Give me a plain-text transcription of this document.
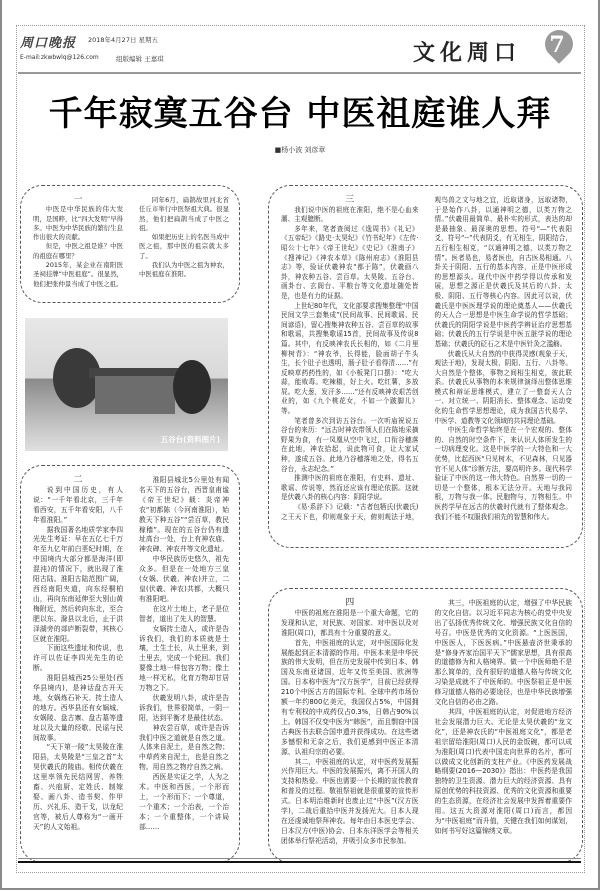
周口晚报 2018年4月27日 星期五
E-mail:zkwbwlq@126.com	组版编辑 王嘉琪	文化周口 7
千年寂寞五谷台 中医祖庭谁人拜
■杨小波 刘彦章

一

中医是中华民族的伟大发明，是国粹，比“四大发明”早得多。中医为中华民族的繁衍生息作出很大的贡献。

但是，中医之祖是谁？中医的祖庭在哪里？

2015年，某企业在南阳医圣祠挂牌“中医祖庭”。很显然，他们把张仲景当成了中医之祖。

同年6月，扁鹊故里河北省任丘市举行中医祭祖大典。很显然，他们把扁鹊当成了中医之祖。

如果把历史上的名医当成中医之祖，那中医的祖宗就太多了。

我们认为中医之祖为神农，中医祖庭在淮阳。

五谷台(资料图片)

二

说到中国历史，有人说：“一千年看北京，三千年看西安，五千年看安阳，八千年看淮阳。”

据我国著名地质学家李四光先生考证：早在五亿七千万年至九亿年前白垩纪时期，在中国境内大部分都是海洋(即混沌)的情况下，就出现了淮阳古陆。淮阳古陆范围广阔，西经南阳夹道，向东经桐柏山，再向东南延伸至大别山黄梅附近，然后转向东北，至合肥以东、滁县以北后，止于洪泽湖旁的郯庐断裂带，其核心区就在淮阳。

下面这些遗址和传说，也许可以佐证李四光先生的论断。

淮阳县城西25公里处(西华县境内)，是神话盘古开天地，女娲炼石补天、抟土造人的地方。西华县还有女娲城、女娲陵、盘古寨、盘古墓等遗址以及大量的经歌、民谣与民间故事。

“天下第一陵”太昊陵在淮阳县，太昊陵是“三皇之首”太昊伏羲氏的陵庙。相传伏羲在这里率领先民结网罟、养牲畜、兴庖厨、定姓氏、制嫁娶、画八卦、造书契、作甲历、兴礼乐、造干戈，以龙纪官等，被后人尊称为“一画开天”的人文始祖。

淮阳县城北5公里处有闻名天下的五谷台，西晋皇甫谧《帝王世纪》载：炎帝神农“初都陈（今河南淮阳），始教天下种五谷”“尝百草，教民稼穑”。现在的五谷台仍有遗址高台一处，台上有神农庙、神农碑、神农井等文化遗址。

中华民族历史悠久，祖先众多。但是在一处地方三皇(女娲、伏羲、神农)并立，二皇(伏羲、神农)共都，大概只有淮阳吧。

在这片土地上，老子是位智者，道出了先人的智慧。

女娲抟土造人，或许是告诉我们，我们的本质就是土壤，土生土长，从土里来，到土里去，完成一个轮回。我们要像土地一样包容万物；像土地一样无私，化育万物却甘居万物之下。

伏羲发明八卦，或许是告诉我们，世界很简单，一阴一阳，达到平衡才是最佳状态。

神农尝百草，或许是告诉我们中医之道就是自然之道。人体来自泥土，是自然之物；中草药来自泥土，也是自然之物。用自然之物疗自然之病。

西医是实证之学，人为之术。中医和西医，一个形而上，一个形而下；一个尊道，一个重术；一个治表，一个治本；一个重整体，一个讲局部……

三

我们说中医的祖庭在淮阳，绝不是心血来潮、主观臆断。

多年来，笔者查阅过《逸周书》《礼记》《五帝纪》《路史·太昊纪》《竹书纪年》《左传·昭公十七年》《帝王世纪》《史记》《淮南子》《搜神记》《神农本草》《陈州府志》《淮阳县志》等，验证伏羲神农“都于陈”，伏羲画八卦，神农种五谷、尝百草。太昊陵、五谷台、画卦台、玄阁台、平粮台等文化遗址随处皆是，也是有力的证据。

上世纪80年代，文化部要求搜集整理“中国民间文学三套集成”(民间故事、民间歌谣、民间谚语)，留心搜集神农种五谷、尝百草的故事和歌谣，共搜集歌谣15首，民间故事及传说8篇。其中，有反映神农氏长相的，如《二月里柳树青》：“神农爷，长得能，脸面胡子牛头生，长个肚子也透明，肠子肚子看得清……”有反映草药药性的，如《小板凳门口摆》：“吃大蒜，能败毒。吃辣椒，好上火。吃红薯，多放屁。吃大葱，发汗多……”还有反映神农艰苦创业的，如《九个桃花女，不如一个跛脚儿》等。

笔者曾多次到访五谷台。一次听庙祝说五谷台的来历：“远古时神农带领人们在陈地采摘野果为食，有一凤凰从空中飞过，口衔谷穗落在此地，神农拾起，说此物可食，让大家试种，遂成五谷。此地乃谷穗落地之处，得名五谷台，永志纪念。”

推测中医的祖庭在淮阳，有史料、遗址、歌谣、传说等，然而还应该有理论依据。这就是伏羲八卦的核心内容：阴阳学说。

《易·系辞下》记载：“古者包牺氏(伏羲氏)之王天下也，仰则观象于天，俯则观法于地，观鸟兽之文与地之宜，近取诸身，远取诸物，于是始作八卦，以通神明之德，以类万物之情。”伏羲用最简单、最朴实的形式，表达的却是最抽象、最深奥的思想。符号“—”代表阳爻，符号“--”代表阴爻，有无相生，阴阳结合，五行相生相克，“以通神明之德，以类万物之情”。医者易也，易者医也，自古医易相通。八卦关于阴阳、五行的基本内容，正是中医形成的思想源头。现代中医中药学得以传承和发展，思想之源正是伏羲氏及其后的八卦、太极、阴阳、五行等核心内容。因此可以说，伏羲氏是中医医理学说的理论奠基人——伏羲氏的天人合一思想是中医生命学说的哲学基础；伏羲氏的阴阳学说是中医药学辨证治疗思想基础；伏羲氏的五行学说是中医五脏学说的理论基础；伏羲氏的砭石之术是中医针灸之滥觞。

伏羲氏从大自然的中获得灵感(观象于天，观法于地)，发现太极、阴阳、五行、八卦等。大自然是个整体，事物之间相生相克，彼此联系。伏羲氏从事物的本来规律演绎出整体思维模式和辩证思维模式，建立了一整套天人合一、对立统一、阴阳消长、整体观念、运动变化的生命哲学思想理论，成为我国古代易学、中医学、道教等文化领域的共同理论基础。

中医生命哲学始终是在一个宏观的、整体的、自然的时空条件下，来认识人体所发生的一切病理变化。这是中医学的一大特色和一大优势，比起西医“只见树木，不见森林，只见器官不见人体”诊断方法，要高明许多。现代科学验证了中医的这一伟大特色。自然界一切的一切是一个整体，根本无法分开。天地与我同根，万物与我一体。民胞物与，万物相生。中医药学早在远古的伏羲时代就有了整体观念。我们不能不叹服我们祖先的智慧和伟大。

四

中医的祖庭在淮阳是一个重大命题，它的发现和认定，对民族、对国家、对中医以及对淮阳(周口)，都具有十分重要的意义。

首先，中医祖庭的认定，对中医国际化发展能起到正本清源的作用。中医本来是中华民族的伟大发明，但在历史发展中传到日本、韩国及东南亚诸国，近年又传至美国、欧洲等国。日本称中医为“汉方医学”，目前已经获得210个中医古方的国际专利。全球中药市场份额一年约800亿美元，我国仅占5%，中国拥有专利权的中成药仅占0.3%，日韩占90%以上。韩国不仅变中医为“韩医”，而且剽窃中国古典医书去联合国申遗并获得成功。在这些诸多憾恨和无奈之后，我们更感到中医正本清源、认祖归宗的必要。

其二，中医祖庭的认定，对中医药发展振兴作用巨大。中医的发展振兴，离不开国人的支持和热爱。中医也需要一个长期的宣传教育和普及的过程。敬祖祭祖就是很重要的宣传形式。日本明治维新时也废止过“中医”(汉方医学)，二战后重拾中医并发扬光大。日本人现在还虔诚地祭拜神农。每年由日本医史学会、日本汉方(中医)协会、日本东洋医学会等相关团体举行祭祀活动，并吸引众多市民参加。

其三，中医祖庭的认定，增强了中华民族的文化自信。以习近平同志为核心的党中央发出了弘扬优秀传统文化、增强民族文化自信的号召。中医是优秀的文化资源。“上医医国，中医医人，下医医病。”中医悬壶济世秉承的是“修身齐家治国平天下”儒家思想，具有很高的道德修为和人格境界。做一个中医师绝不是那么简单的，没有很好的道德人格与传统文化习染是成就不了中医师的。中医祭祖正是中医修习道德人格的必要途径，也是中华民族增强文化自信的必由之路。

其四，中医祖庭的认定，对促进地方经济社会发展潜力巨大。无论是太昊伏羲的“龙文化”，还是神农氏的“中医祖庭文化”，都是老祖宗留给淮阳(周口)人民的金饭碗，都可以成为淮阳(周口)代表中国走向世界的名片，都可以做成文化创新的支柱产业。《中医药发展战略纲要(2016—2030)》指出：中医药是我国独特的卫生资源、潜力巨大的经济资源、具有原创优势的科技资源、优秀的文化资源和重要的生态资源，在经济社会发展中发挥着重要作用。这五大资源对淮阳(周口)而言，都因为“中医祖庭”而升值，关键在我们如何谋划，如何书写好这篇锦绣文章。
